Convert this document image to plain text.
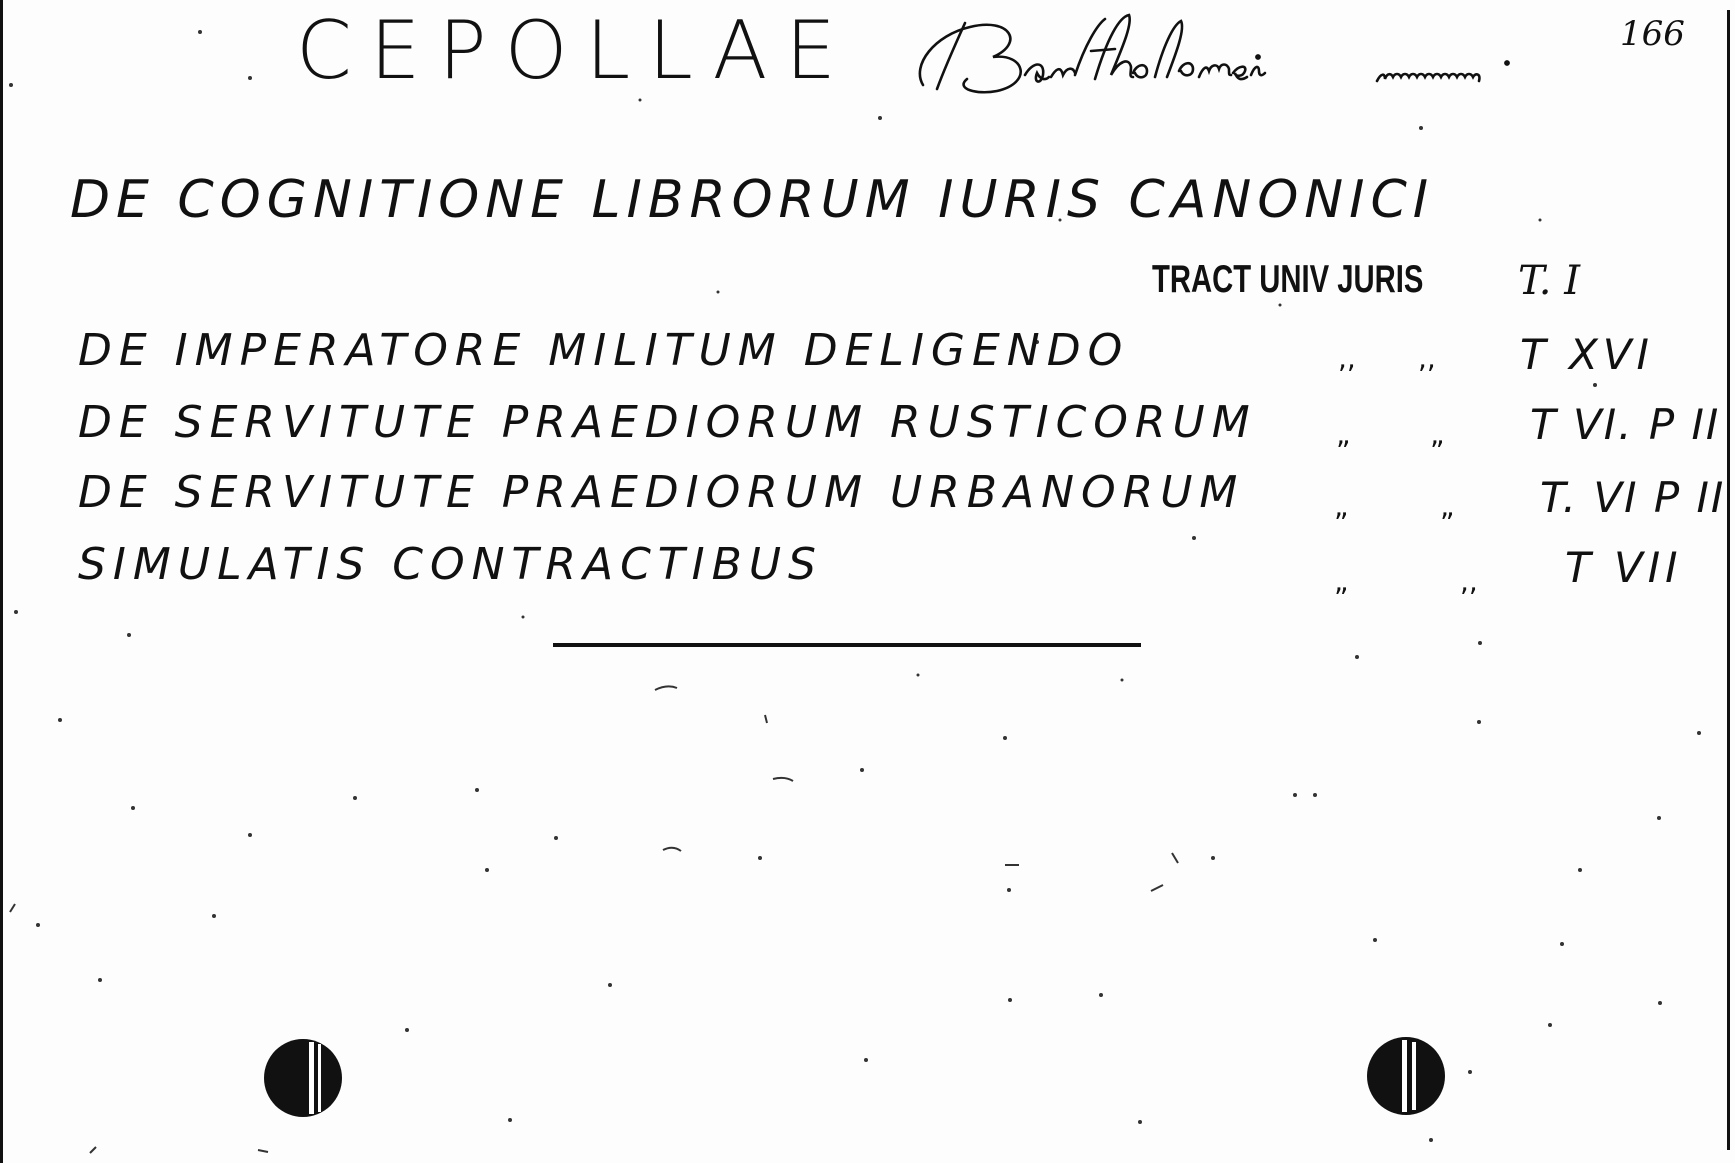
CEPOLLAE	166
DE COGNITIONE LIBRORUM IURIS CANONICI
TRACT UNIV JURIS T. I
DE IMPERATORE MILITUM DELIGENDO	,, ,, T XVI
DE SERVITUTE PRAEDIORUM RUSTICORUM	„	„ T VI. P II
DE SERVITUTE PRAEDIORUM URBANORUM	„	„ T. VI P II
SIMULATIS CONTRACTIBUS	„	,, T VII
